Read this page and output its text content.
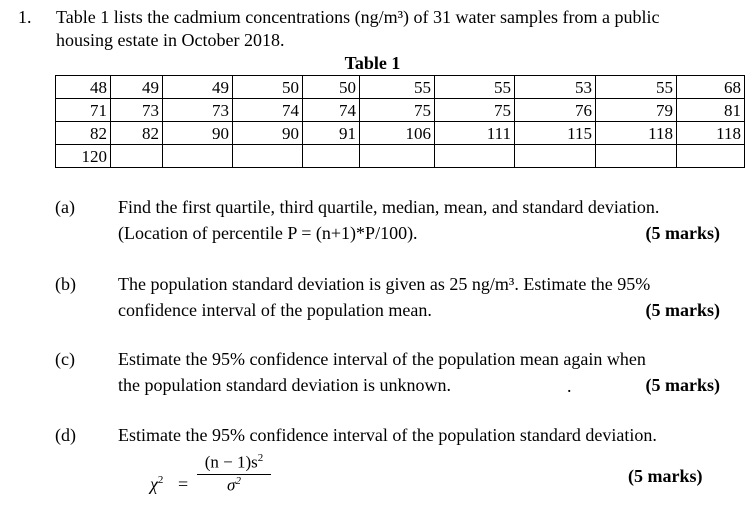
1. Table 1 lists the cadmium concentrations (ng/m³) of 31 water samples from a public
housing estate in October 2018.
Table 1
48	49	49	50	50	55	55	53	55	68
71	73	73	74	74	75	75	76	79	81
82	82	90	90	91	106	111	115	118	118
120									
(a) Find the first quartile, third quartile, median, mean, and standard deviation.
(Location of percentile P = (n+1)*P/100).	(5 marks)
(b) The population standard deviation is given as 25 ng/m³. Estimate the 95%
confidence interval of the population mean.	(5 marks)
(c) Estimate the 95% confidence interval of the population mean again when
the population standard deviation is unknown.	(5 marks)
.
(d) Estimate the 95% confidence interval of the population standard deviation.
$\chi^2 = \frac{(n - 1)s^2}{\sigma^2}$	(5 marks)
